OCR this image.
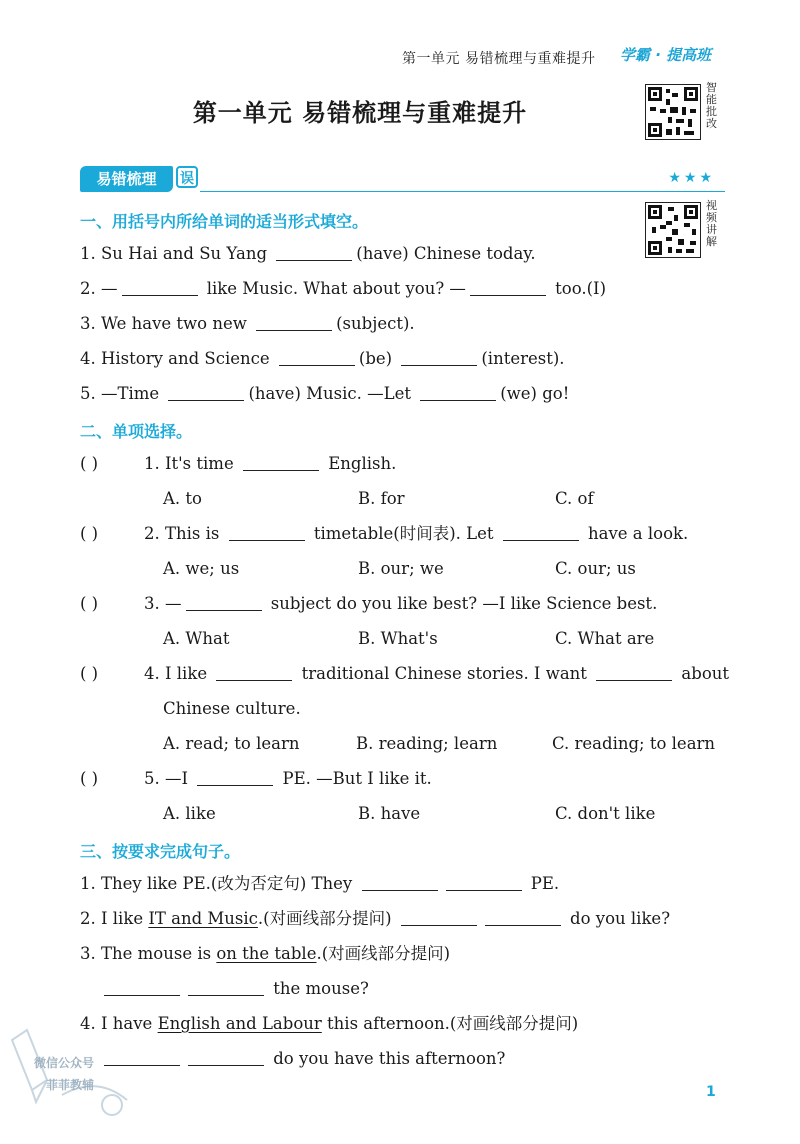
第一单元 易错梳理与重难提升 学霸 · 提高班
第一单元 易错梳理与重难提升
智能批改
易错梳理	误	★★★
视频讲解
一、用括号内所给单词的适当形式填空。
1. Su Hai and Su Yang	(have) Chinese today.
2. —	like Music. What about you? —	too.(I)
3. We have two new	(subject).
4. History and Science	(be)	(interest).
5. —Time	(have) Music. —Let	(we) go!
二、单项选择。
( )	1. It's time	English.
A. to	B. for	C. of
( )	2. This is	timetable(时间表). Let	have a look.
A. we; us	B. our; we	C. our; us
( )	3. —	subject do you like best? —I like Science best.
A. What	B. What's	C. What are
( )	4. I like	traditional Chinese stories. I want	about
Chinese culture.
A. read; to learn	B. reading; learn	C. reading; to learn
( )	5. —I	PE. —But I like it.
A. like	B. have	C. don't like
三、按要求完成句子。
1. They like PE.(改为否定句) They	PE.
2. I like IT and Music.(对画线部分提问)	do you like?
3. The mouse is on the table.(对画线部分提问)
the mouse?
4. I have English and Labour this afternoon.(对画线部分提问)
do you have this afternoon?
微信公众号
菲菲教辅	1
